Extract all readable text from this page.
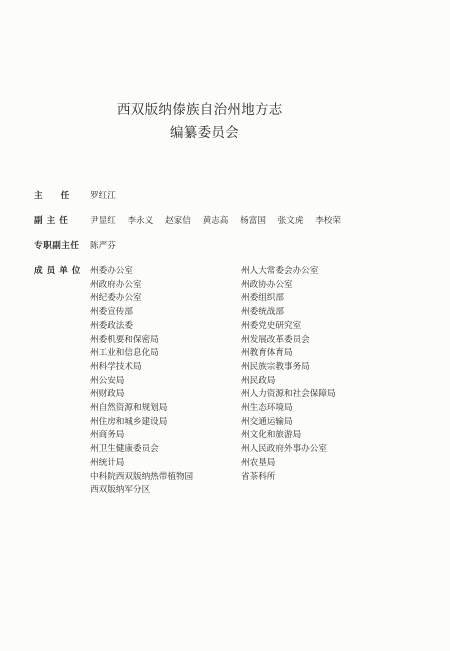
西双版纳傣族自治州地方志
编纂委员会
主任 罗红江
副主任 尹显红 李永义 赵家信 黄志高 杨富国 张文虎 李校荣
专职副主任 陈严芬
成员单位 州委办公室
州政府办公室
州纪委办公室
州委宣传部
州委政法委
州委机要和保密局
州工业和信息化局
州科学技术局
州公安局
州财政局
州自然资源和规划局
州住房和城乡建设局
州商务局
州卫生健康委员会
州统计局
中科院西双版纳热带植物园
西双版纳军分区
州人大常委会办公室
州政协办公室
州委组织部
州委统战部
州委党史研究室
州发展改革委员会
州教育体育局
州民族宗教事务局
州民政局
州人力资源和社会保障局
州生态环境局
州交通运输局
州文化和旅游局
州人民政府外事办公室
州农垦局
省茶科所
